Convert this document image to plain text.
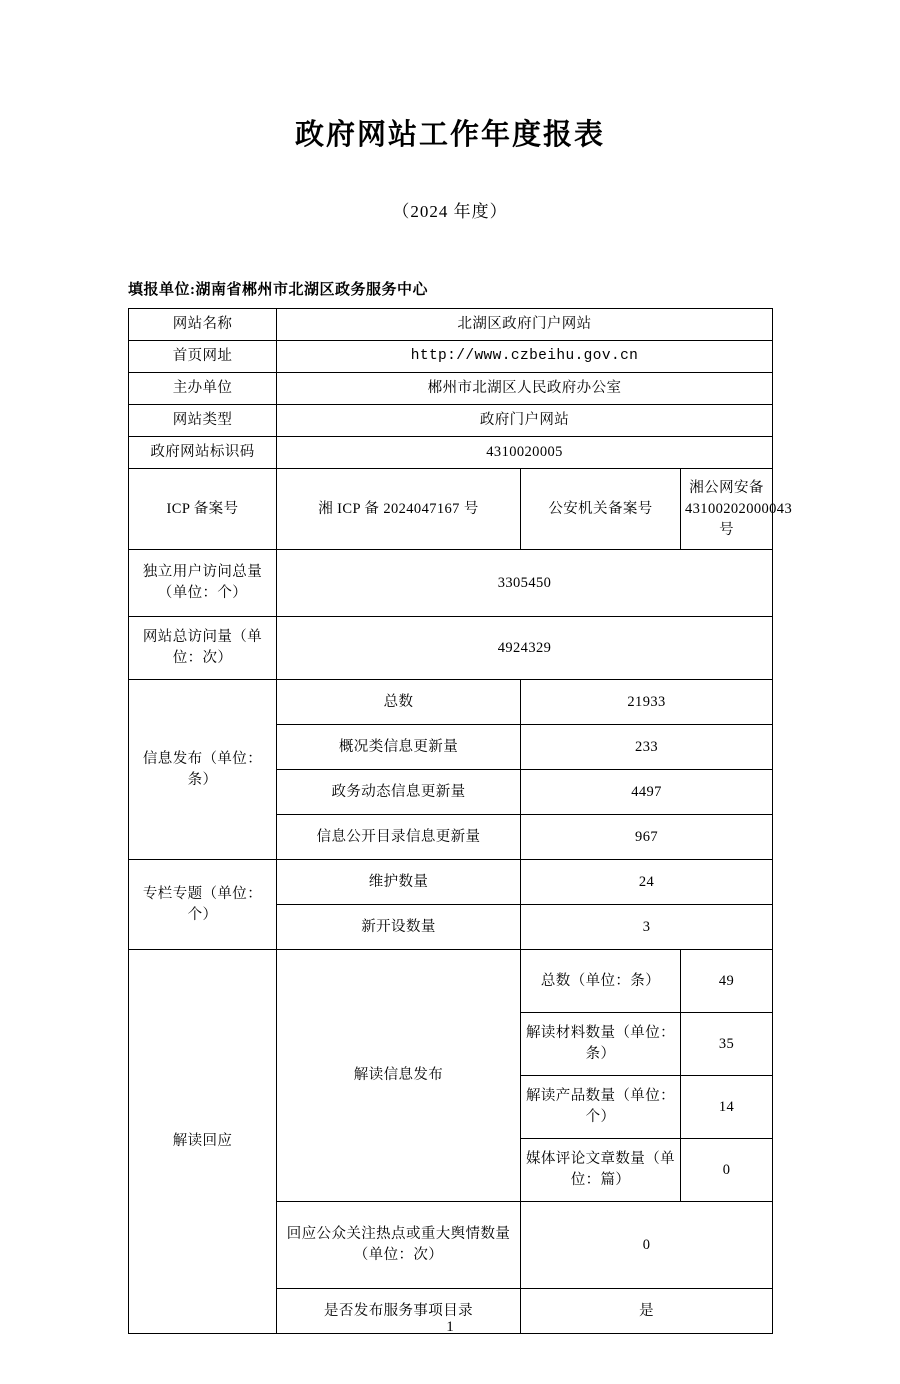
政府网站工作年度报表
（2024 年度）
填报单位:湖南省郴州市北湖区政务服务中心
网站名称	北湖区政府门户网站		
首页网址	http://www.czbeihu.gov.cn		
主办单位	郴州市北湖区人民政府办公室		
网站类型	政府门户网站		
政府网站标识码	4310020005		
ICP 备案号	湘 ICP 备 2024047167 号	公安机关备案号	湘公网安备 43100202000043 号
独立用户访问总量（单位：个）	3305450		
网站总访问量（单位：次）	4924329		
信息发布（单位：条）	总数	21933	
	概况类信息更新量	233	
	政务动态信息更新量	4497	
	信息公开目录信息更新量	967	
专栏专题（单位：个）	维护数量	24	
	新开设数量	3	
解读回应	解读信息发布	总数（单位：条）	49
		解读材料数量（单位：条）	35
		解读产品数量（单位：个）	14
		媒体评论文章数量（单位：篇）	0
	回应公众关注热点或重大舆情数量（单位：次）	0	
	是否发布服务事项目录	是	
1
